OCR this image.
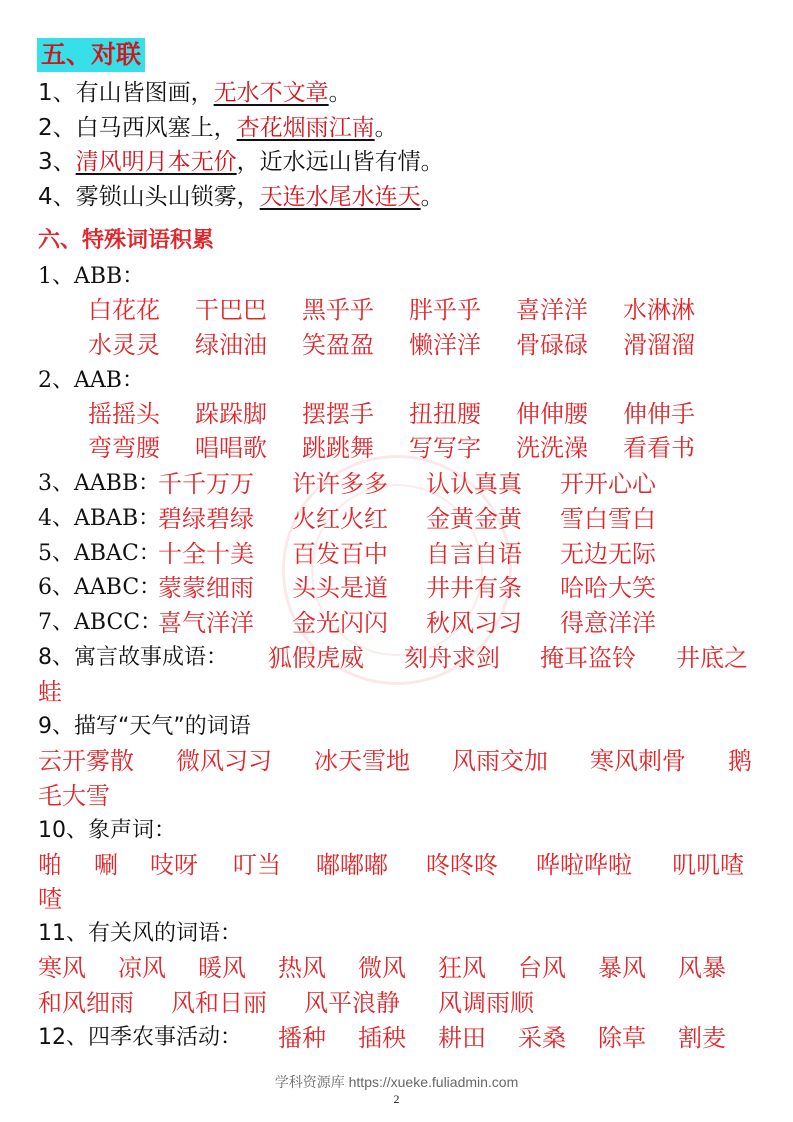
五、对联
1、有山皆图画，无水不文章。
2、白马西风塞上，杏花烟雨江南。
3、清风明月本无价，近水远山皆有情。
4、雾锁山头山锁雾，天连水尾水连天。
六、特殊词语积累
1、ABB：
白花花 干巴巴 黑乎乎 胖乎乎 喜洋洋 水淋淋
水灵灵 绿油油 笑盈盈 懒洋洋 骨碌碌 滑溜溜
2、AAB：
摇摇头 跺跺脚 摆摆手 扭扭腰 伸伸腰 伸伸手
弯弯腰 唱唱歌 跳跳舞 写写字 洗洗澡 看看书
3、AABB：
千千万万 许许多多 认认真真 开开心心
4、ABAB：
碧绿碧绿 火红火红 金黄金黄 雪白雪白
5、ABAC：
十全十美 百发百中 自言自语 无边无际
6、AABC：
蒙蒙细雨 头头是道 井井有条 哈哈大笑
7、ABCC：
喜气洋洋 金光闪闪 秋风习习 得意洋洋
8、寓言故事成语： 狐假虎威 刻舟求剑 掩耳盗铃 井底之
蛙
9、描写“天气”的词语
云开雾散 微风习习 冰天雪地 风雨交加 寒风刺骨 鹅
毛大雪
10、象声词：
啪 唰 吱呀 叮当 嘟嘟嘟 咚咚咚 哗啦哗啦 叽叽喳
喳
11、有关风的词语：
寒风 凉风 暖风 热风 微风 狂风 台风 暴风 风暴
和风细雨 风和日丽 风平浪静 风调雨顺
12、四季农事活动： 播种 插秧 耕田 采桑 除草 割麦
学科资源库 https://xueke.fuliadmin.com
2
